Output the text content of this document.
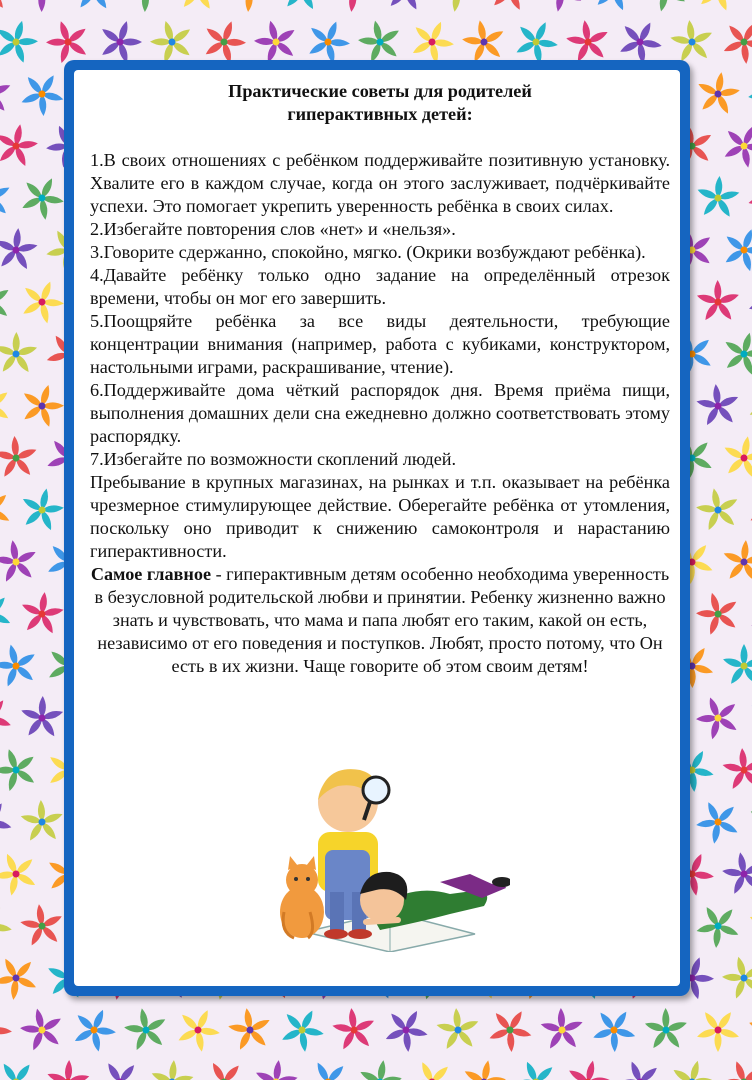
Практические советы для родителей
гиперактивных детей:

1.В своих отношениях с ребёнком поддерживайте позитивную установку. Хвалите его в каждом случае, когда он этого заслуживает, подчёркивайте успехи. Это помогает укрепить уверенность ребёнка в своих силах.

2.Избегайте повторения слов «нет» и «нельзя».

3.Говорите сдержанно, спокойно, мягко. (Окрики возбуждают ребёнка).

4.Давайте ребёнку только одно задание на определённый отрезок времени, чтобы он мог его завершить.

5.Поощряйте ребёнка за все виды деятельности, требующие концентрации внимания (например, работа с кубиками, конструктором, настольными играми, раскрашивание, чтение).

6.Поддерживайте дома чёткий распорядок дня. Время приёма пищи, выполнения домашних дели сна ежедневно должно соответствовать этому распорядку.

7.Избегайте по возможности скоплений людей.

Пребывание в крупных магазинах, на рынках и т.п. оказывает на ребёнка чрезмерное стимулирующее действие. Оберегайте ребёнка от утомления, поскольку оно приводит к снижению самоконтроля и нарастанию гиперактивности.

Самое главное - гиперактивным детям особенно необходима уверенность в безусловной родительской любви и принятии. Ребенку жизненно важно знать и чувствовать, что мама и папа любят его таким, какой он есть, независимо от его поведения и поступков. Любят, просто потому, что Он есть в их жизни. Чаще говорите об этом своим детям!
